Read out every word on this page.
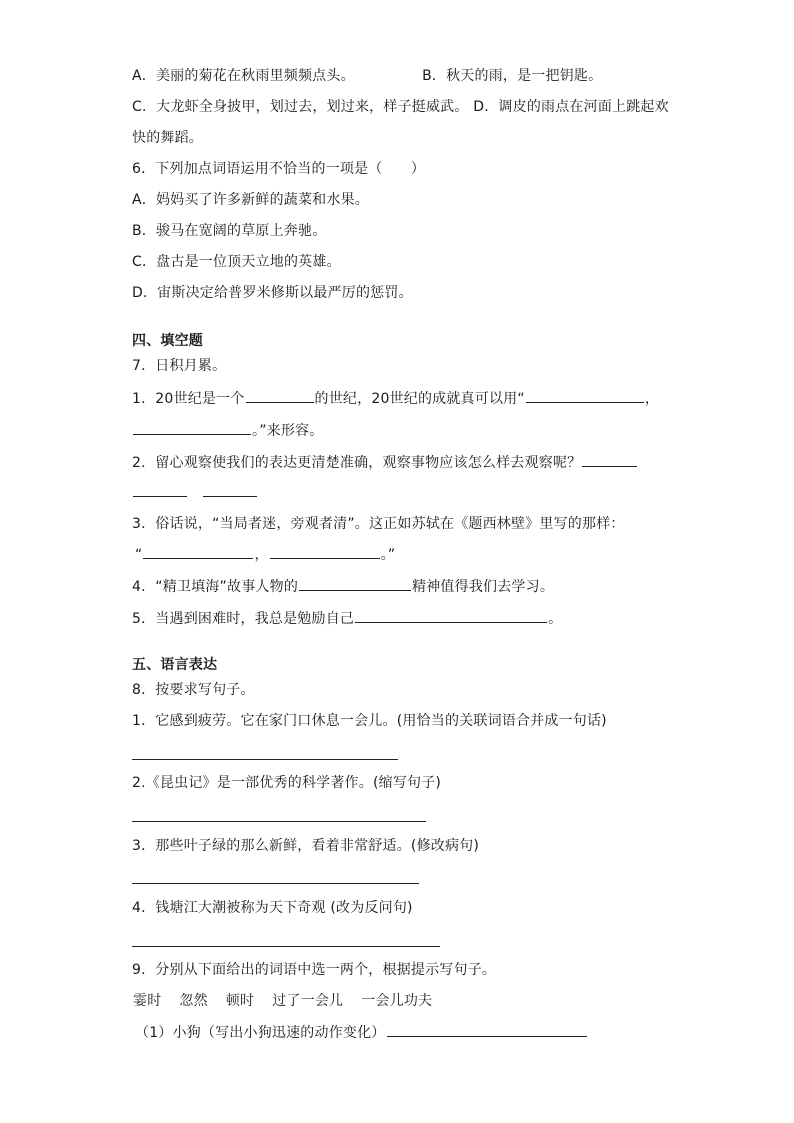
A．美丽的菊花在秋雨里频频点头。	B．秋天的雨，是一把钥匙。
C．大龙虾全身披甲，划过去，划过来，样子挺威武。 D．调皮的雨点在河面上跳起欢
快的舞蹈。
6．下列加点词语运用不恰当的一项是（　　）
A．妈妈买了许多新鲜的蔬菜和水果。
B．骏马在宽阔的草原上奔驰。
C．盘古是一位顶天立地的英雄。
D．宙斯决定给普罗米修斯以最严厉的惩罚。
四、填空题
7．日积月累。
1．20世纪是一个	的世纪，20世纪的成就真可以用“	，
。”来形容。
2．留心观察使我们的表达更清楚准确，观察事物应该怎么样去观察呢？
3．俗话说，“当局者迷，旁观者清”。这正如苏轼在《题西林壁》里写的那样：
“	，	。”
4．“精卫填海”故事人物的	精神值得我们去学习。
5．当遇到困难时，我总是勉励自己	。
五、语言表达
8．按要求写句子。
1．它感到疲劳。它在家门口休息一会儿。(用恰当的关联词语合并成一句话)
2.《昆虫记》是一部优秀的科学著作。(缩写句子)
3．那些叶子绿的那么新鲜，看着非常舒适。(修改病句)
4．钱塘江大潮被称为天下奇观 (改为反问句)
9．分别从下面给出的词语中选一两个，根据提示写句子。
霎时 忽然 顿时 过了一会儿 一会儿功夫
（1）小狗（写出小狗迅速的动作变化）
